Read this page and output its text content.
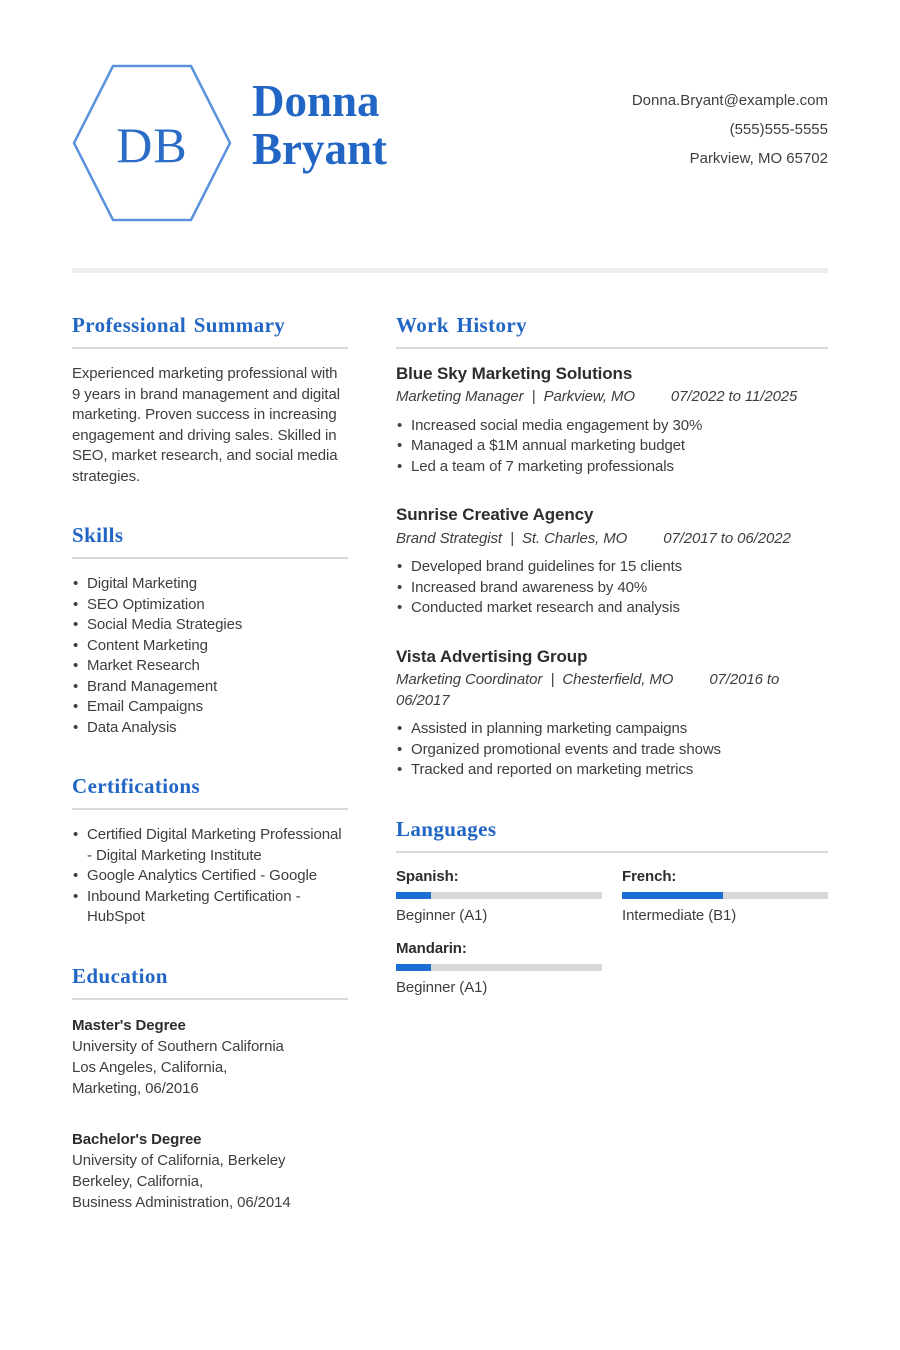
DB
Donna
Bryant
Donna.Bryant@example.com
(555)555-5555
Parkview, MO 65702
Professional Summary

Experienced marketing professional with 9 years in brand management and digital marketing. Proven success in increasing engagement and driving sales. Skilled in SEO, market research, and social media strategies.

Skills
• Digital Marketing
• SEO Optimization
• Social Media Strategies
• Content Marketing
• Market Research
• Brand Management
• Email Campaigns
• Data Analysis
Certifications
• Certified Digital Marketing Professional - Digital Marketing Institute
• Google Analytics Certified - Google
• Inbound Marketing Certification - HubSpot
Education
Master's Degree
University of Southern California
Los Angeles, California,
Marketing, 06/2016
Bachelor's Degree
University of California, Berkeley
Berkeley, California,
Business Administration, 06/2014
Work History
Blue Sky Marketing Solutions
Marketing Manager  |  Parkview, MO 07/2022 to 11/2025
• Increased social media engagement by 30%
• Managed a $1M annual marketing budget
• Led a team of 7 marketing professionals
Sunrise Creative Agency
Brand Strategist  |  St. Charles, MO 07/2017 to 06/2022
• Developed brand guidelines for 15 clients
• Increased brand awareness by 40%
• Conducted market research and analysis
Vista Advertising Group
Marketing Coordinator  |  Chesterfield, MO 07/2016 to 06/2017
• Assisted in planning marketing campaigns
• Organized promotional events and trade shows
• Tracked and reported on marketing metrics
Languages
Spanish:
Beginner (A1)
French:
Intermediate (B1)
Mandarin:
Beginner (A1)
